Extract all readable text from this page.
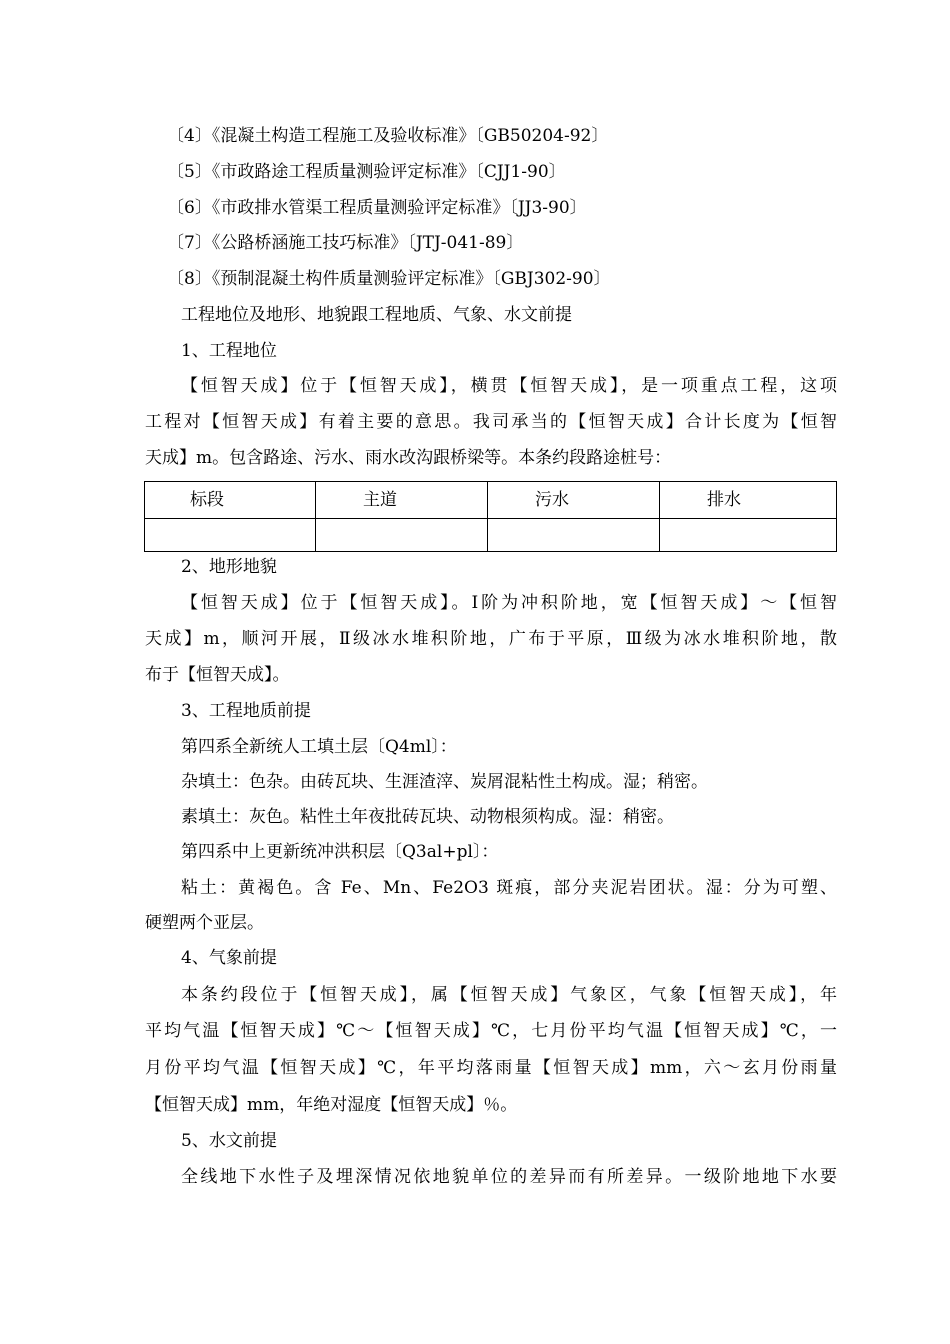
〔4〕《混凝土构造工程施工及验收标准》〔GB50204-92〕
〔5〕《市政路途工程质量测验评定标准》〔CJJ1-90〕
〔6〕《市政排水管渠工程质量测验评定标准》〔JJ3-90〕
〔7〕《公路桥涵施工技巧标准》〔JTJ-041-89〕
〔8〕《预制混凝土构件质量测验评定标准》〔GBJ302-90〕
工程地位及地形、地貌跟工程地质、气象、水文前提
1、工程地位
【恒智天成】位于【恒智天成】，横贯【恒智天成】，是一项重点工程，这项
工程对【恒智天成】有着主要的意思。我司承当的【恒智天成】合计长度为【恒智
天成】m。包含路途、污水、雨水改沟跟桥梁等。本条约段路途桩号：
标段	主道	污水	排水

2、地形地貌
【恒智天成】位于【恒智天成】。Ⅰ阶为冲积阶地，宽【恒智天成】～【恒智
天成】m，顺河开展，Ⅱ级冰水堆积阶地，广布于平原，Ⅲ级为冰水堆积阶地，散
布于【恒智天成】。
3、工程地质前提
第四系全新统人工填土层〔Q4ml〕：
杂填土：色杂。由砖瓦块、生涯渣滓、炭屑混粘性土构成。湿；稍密。
素填土：灰色。粘性土年夜批砖瓦块、动物根须构成。湿：稍密。
第四系中上更新统冲洪积层〔Q3al+pl〕：
粘土：黄褐色。含 Fe、Mn、Fe2O3 斑痕，部分夹泥岩团状。湿：分为可塑、
硬塑两个亚层。
4、气象前提
本条约段位于【恒智天成】，属【恒智天成】气象区，气象【恒智天成】，年
平均气温【恒智天成】℃～【恒智天成】℃，七月份平均气温【恒智天成】℃，一
月份平均气温【恒智天成】℃，年平均落雨量【恒智天成】mm，六～玄月份雨量
【恒智天成】mm，年绝对湿度【恒智天成】％。
5、水文前提
全线地下水性子及埋深情况依地貌单位的差异而有所差异。一级阶地地下水要
